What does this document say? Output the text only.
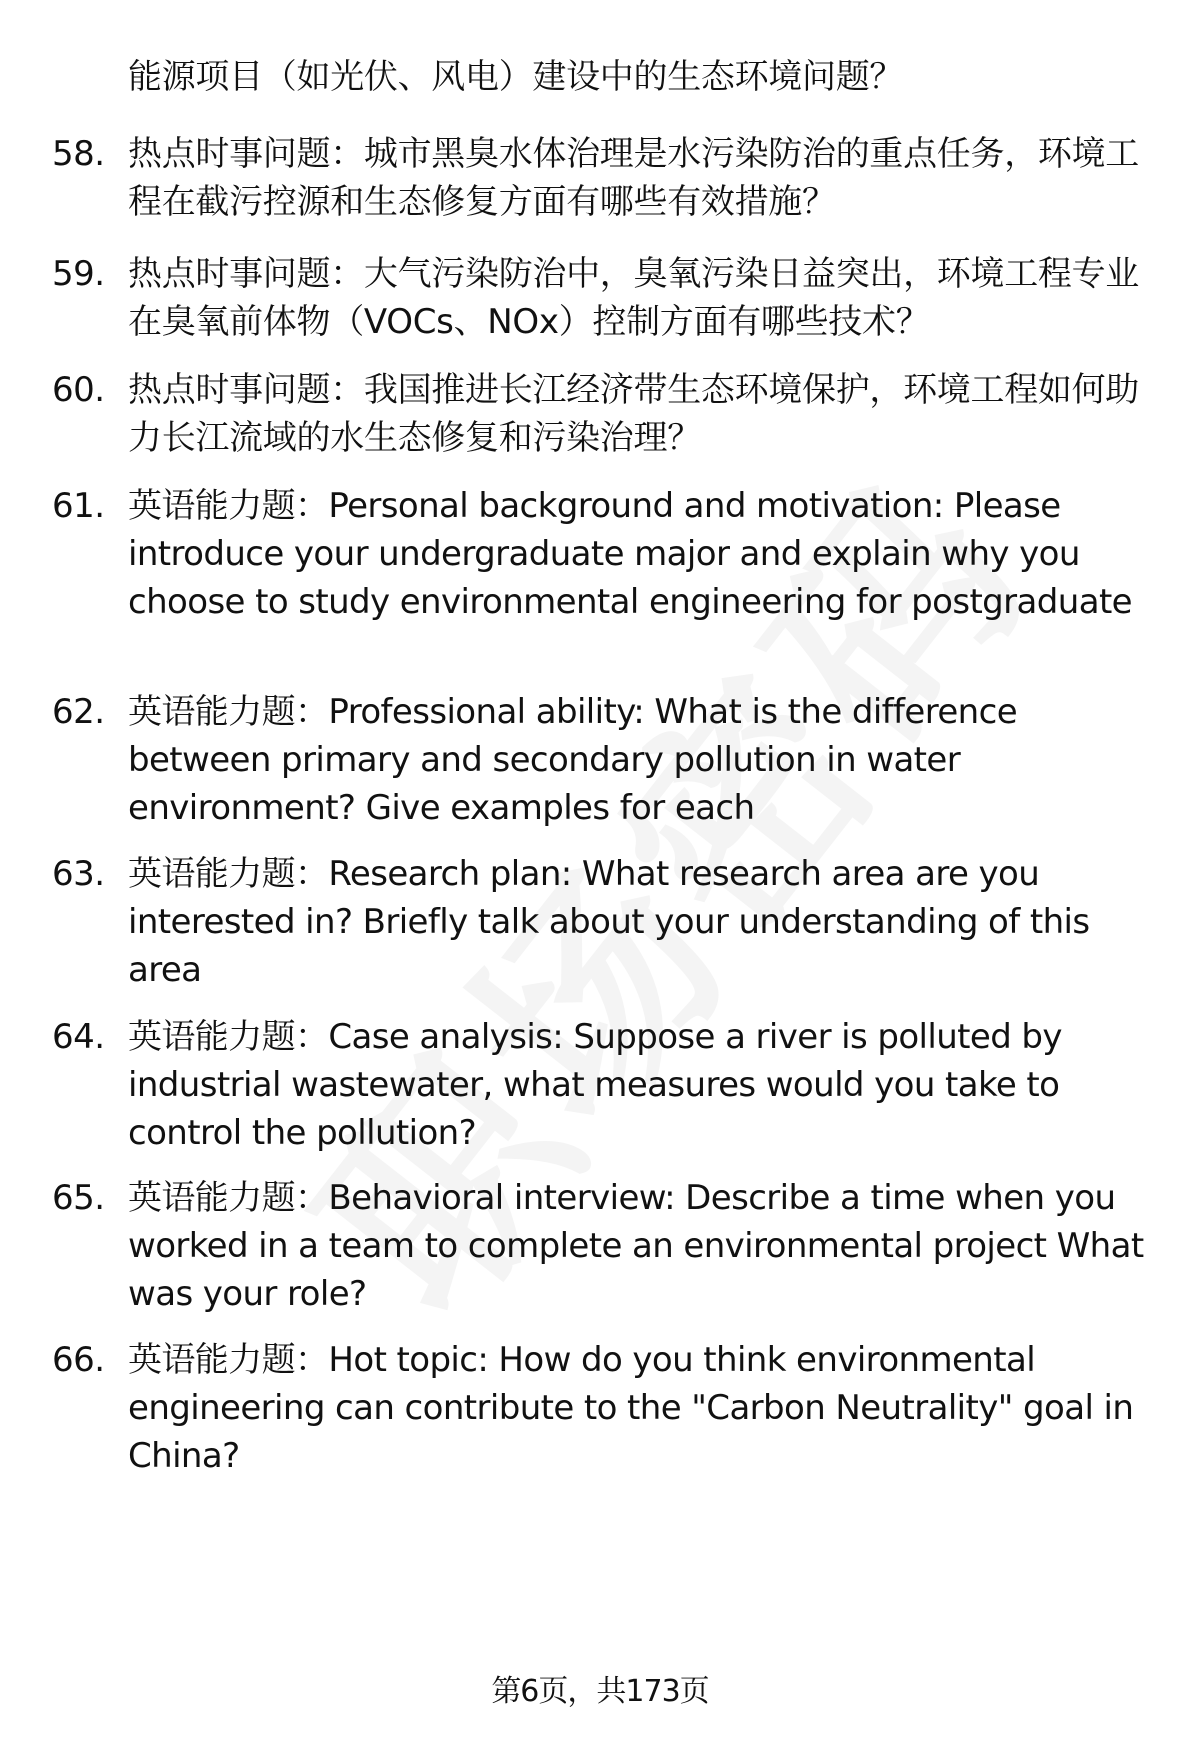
能源项目（如光伏、风电）建设中的生态环境问题？
58. 热点时事问题：城市黑臭水体治理是水污染防治的重点任务，环境工程在截污控源和生态修复方面有哪些有效措施？
59. 热点时事问题：大气污染防治中，臭氧污染日益突出，环境工程专业在臭氧前体物（VOCs、NOx）控制方面有哪些技术？
60. 热点时事问题：我国推进长江经济带生态环境保护，环境工程如何助力长江流域的水生态修复和污染治理？
61. 英语能力题：Personal background and motivation: Please introduce your undergraduate major and explain why you choose to study environmental engineering for postgraduate
62. 英语能力题：Professional ability: What is the difference between primary and secondary pollution in water environment? Give examples for each
63. 英语能力题：Research plan: What research area are you interested in? Briefly talk about your understanding of this area
64. 英语能力题：Case analysis: Suppose a river is polluted by industrial wastewater, what measures would you take to control the pollution?
65. 英语能力题：Behavioral interview: Describe a time when you worked in a team to complete an environmental project What was your role?
66. 英语能力题：Hot topic: How do you think environmental engineering can contribute to the "Carbon Neutrality" goal in China?
第6页，共173页
